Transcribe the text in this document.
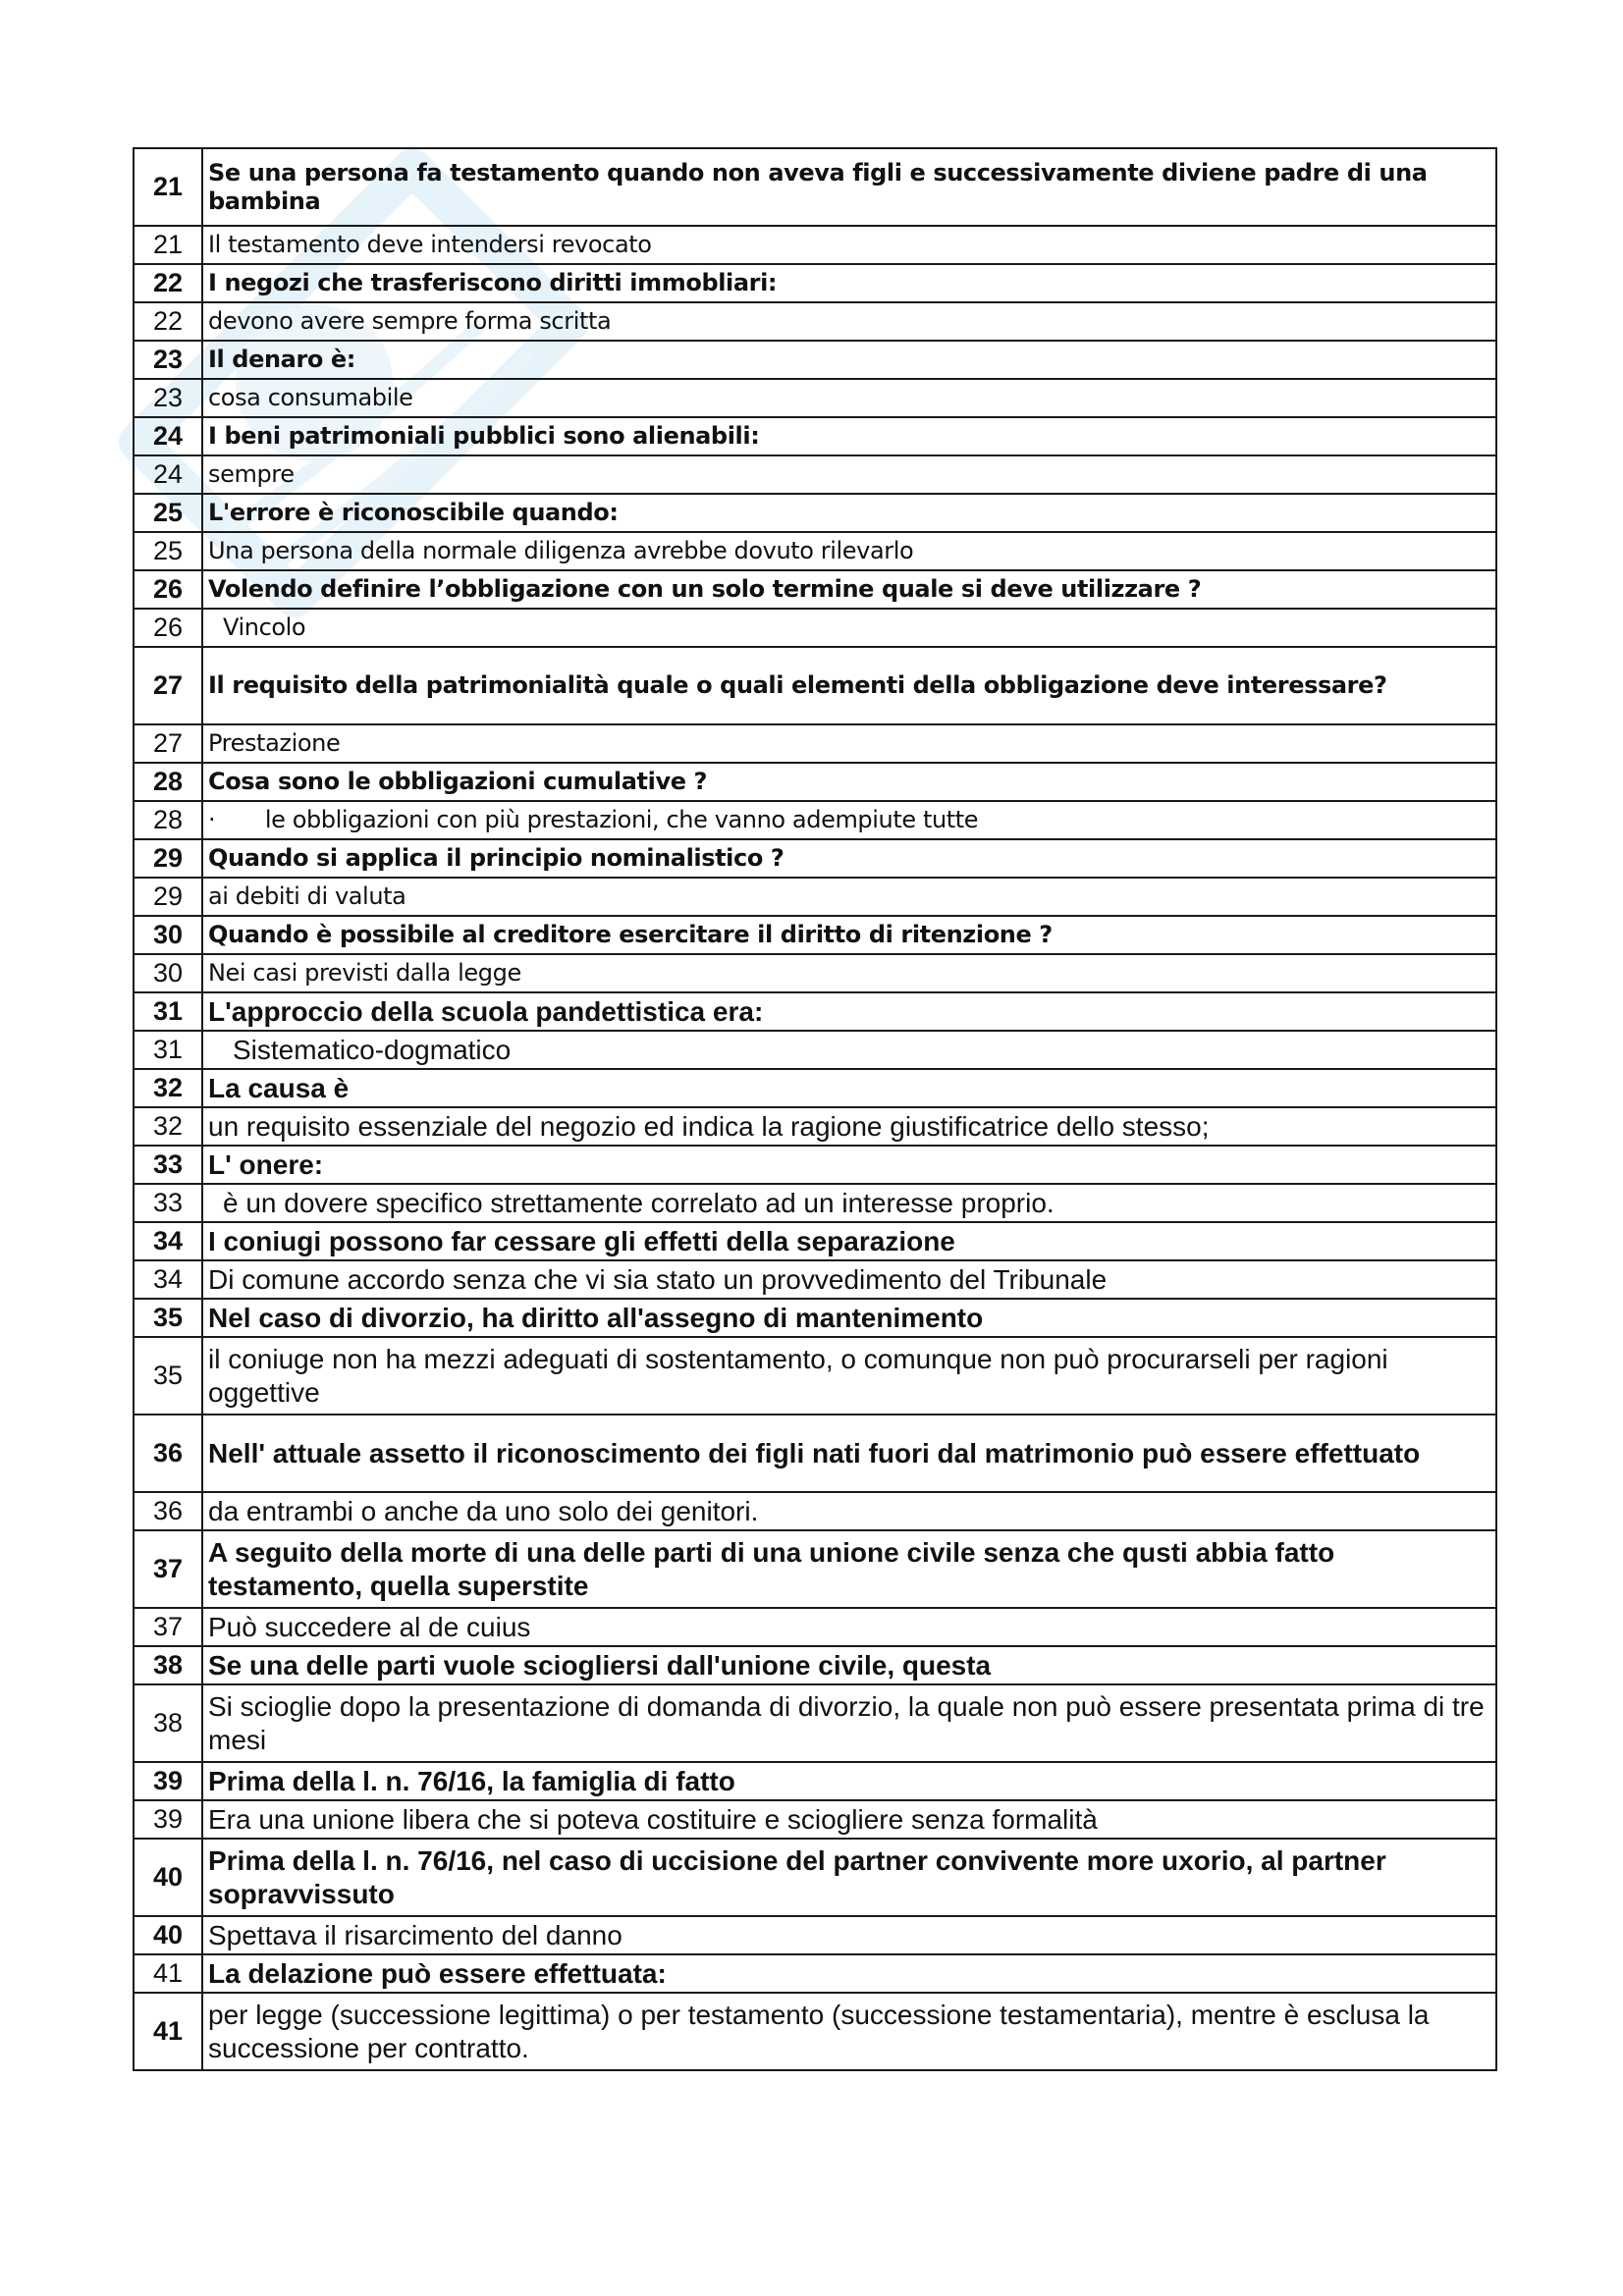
21	Se una persona fa testamento quando non aveva figli e successivamente diviene padre di una bambina
21	Il testamento deve intendersi revocato
22	I negozi che trasferiscono diritti immobliari:
22	devono avere sempre forma scritta
23	Il denaro è:
23	cosa consumabile
24	I beni patrimoniali pubblici sono alienabili:
24	sempre
25	L'errore è riconoscibile quando:
25	Una persona della normale diligenza avrebbe dovuto rilevarlo
26	Volendo definire l’obbligazione con un solo termine quale si deve utilizzare ?
26	Vincolo
27	Il requisito della patrimonialità quale o quali elementi della obbligazione deve interessare?
27	Prestazione
28	Cosa sono le obbligazioni cumulative ?
28	·       le obbligazioni con più prestazioni, che vanno adempiute tutte
29	Quando si applica il principio nominalistico ?
29	ai debiti di valuta
30	Quando è possibile al creditore esercitare il diritto di ritenzione ?
30	Nei casi previsti dalla legge
31	L'approccio della scuola pandettistica era:
31	Sistematico-dogmatico
32	La causa è
32	un requisito essenziale del negozio ed indica la ragione giustificatrice dello stesso;
33	L' onere:
33	è un dovere specifico strettamente correlato ad un interesse proprio.
34	I coniugi possono far cessare gli effetti della separazione
34	Di comune accordo senza che vi sia stato un provvedimento del Tribunale
35	Nel caso di divorzio, ha diritto all'assegno di mantenimento
35	il coniuge non ha mezzi adeguati di sostentamento, o comunque non può procurarseli per ragioni oggettive
36	Nell' attuale assetto il riconoscimento dei figli nati fuori dal matrimonio può essere effettuato
36	da entrambi o anche da uno solo dei genitori.
37	A seguito della morte di una delle parti di una unione civile senza che qusti abbia fatto testamento, quella superstite
37	Può succedere al de cuius
38	Se una delle parti vuole sciogliersi dall'unione civile, questa
38	Si scioglie dopo la presentazione di domanda di divorzio, la quale non può essere presentata prima di tre mesi
39	Prima della l. n. 76/16, la famiglia di fatto
39	Era una unione libera che si poteva costituire e sciogliere senza formalità
40	Prima della l. n. 76/16, nel caso di uccisione del partner convivente more uxorio, al partner sopravvissuto
40	Spettava il risarcimento del danno
41	La delazione può essere effettuata:
41	per legge (successione legittima) o per testamento (successione testamentaria), mentre è esclusa la successione per contratto.
